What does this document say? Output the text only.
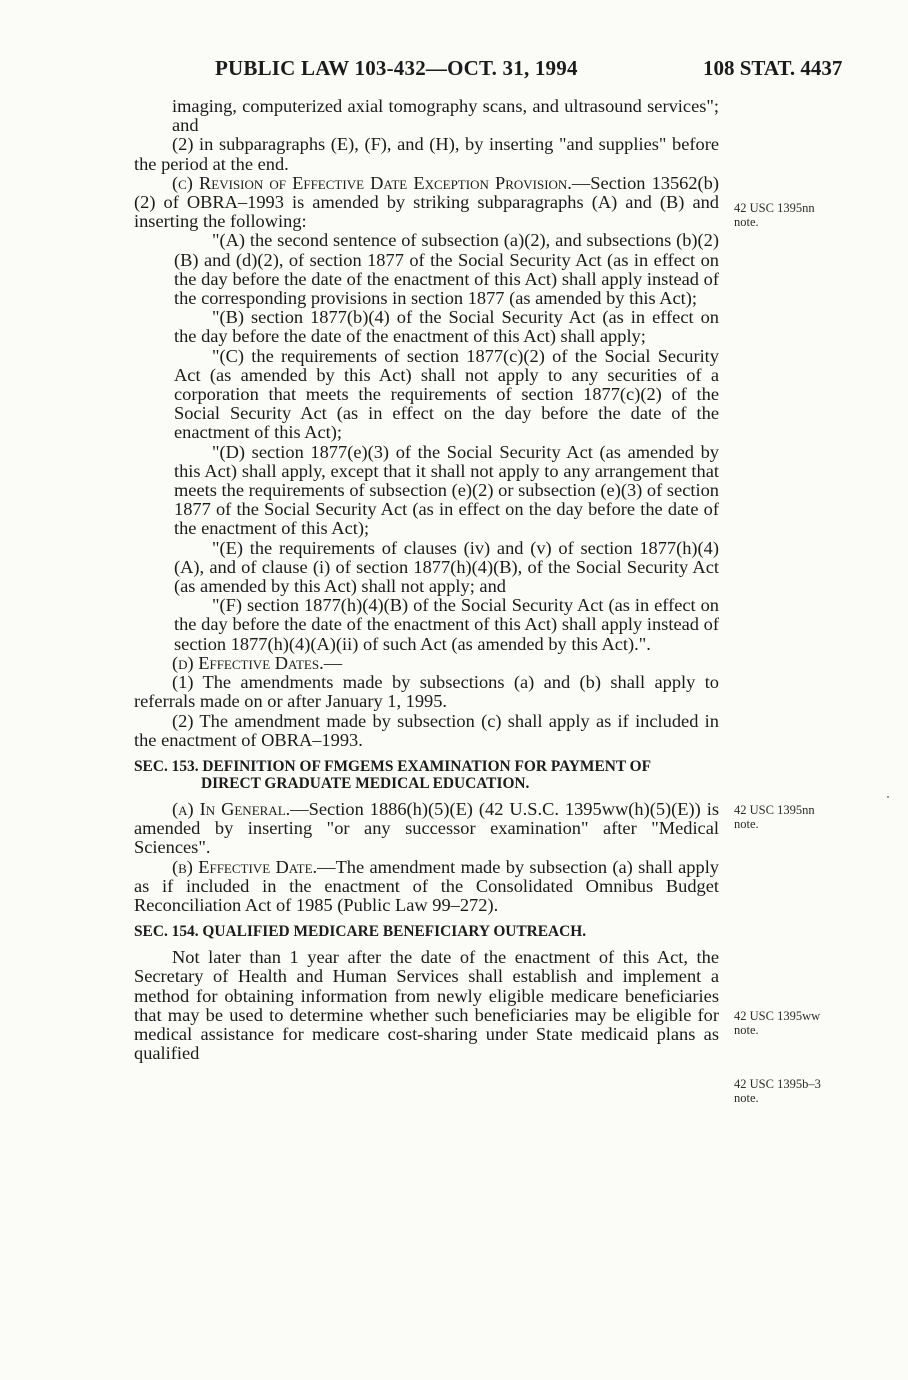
PUBLIC LAW 103-432—OCT. 31, 1994	108 STAT. 4437

imaging, computerized axial tomography scans, and ultrasound services"; and

(2) in subparagraphs (E), (F), and (H), by inserting "and supplies" before the period at the end.

(c) Revision of Effective Date Exception Provision.—Section 13562(b)(2) of OBRA–1993 is amended by striking subparagraphs (A) and (B) and inserting the following:

"(A) the second sentence of subsection (a)(2), and subsections (b)(2)(B) and (d)(2), of section 1877 of the Social Security Act (as in effect on the day before the date of the enactment of this Act) shall apply instead of the corresponding provisions in section 1877 (as amended by this Act);

"(B) section 1877(b)(4) of the Social Security Act (as in effect on the day before the date of the enactment of this Act) shall apply;

"(C) the requirements of section 1877(c)(2) of the Social Security Act (as amended by this Act) shall not apply to any securities of a corporation that meets the requirements of section 1877(c)(2) of the Social Security Act (as in effect on the day before the date of the enactment of this Act);

"(D) section 1877(e)(3) of the Social Security Act (as amended by this Act) shall apply, except that it shall not apply to any arrangement that meets the requirements of subsection (e)(2) or subsection (e)(3) of section 1877 of the Social Security Act (as in effect on the day before the date of the enactment of this Act);

"(E) the requirements of clauses (iv) and (v) of section 1877(h)(4)(A), and of clause (i) of section 1877(h)(4)(B), of the Social Security Act (as amended by this Act) shall not apply; and

"(F) section 1877(h)(4)(B) of the Social Security Act (as in effect on the day before the date of the enactment of this Act) shall apply instead of section 1877(h)(4)(A)(ii) of such Act (as amended by this Act).".

(d) Effective Dates.—

(1) The amendments made by subsections (a) and (b) shall apply to referrals made on or after January 1, 1995.

(2) The amendment made by subsection (c) shall apply as if included in the enactment of OBRA–1993.

SEC. 153. DEFINITION OF FMGEMS EXAMINATION FOR PAYMENT OF
DIRECT GRADUATE MEDICAL EDUCATION.

(a) In General.—Section 1886(h)(5)(E) (42 U.S.C. 1395ww(h)(5)(E)) is amended by inserting "or any successor examination" after "Medical Sciences".

(b) Effective Date.—The amendment made by subsection (a) shall apply as if included in the enactment of the Consolidated Omnibus Budget Reconciliation Act of 1985 (Public Law 99–272).

SEC. 154. QUALIFIED MEDICARE BENEFICIARY OUTREACH.

Not later than 1 year after the date of the enactment of this Act, the Secretary of Health and Human Services shall establish and implement a method for obtaining information from newly eligible medicare beneficiaries that may be used to determine whether such beneficiaries may be eligible for medical assistance for medicare cost-sharing under State medicaid plans as qualified

42 USC 1395nn
note.
42 USC 1395nn
note.
42 USC 1395ww
note.
42 USC 1395b–3
note.
